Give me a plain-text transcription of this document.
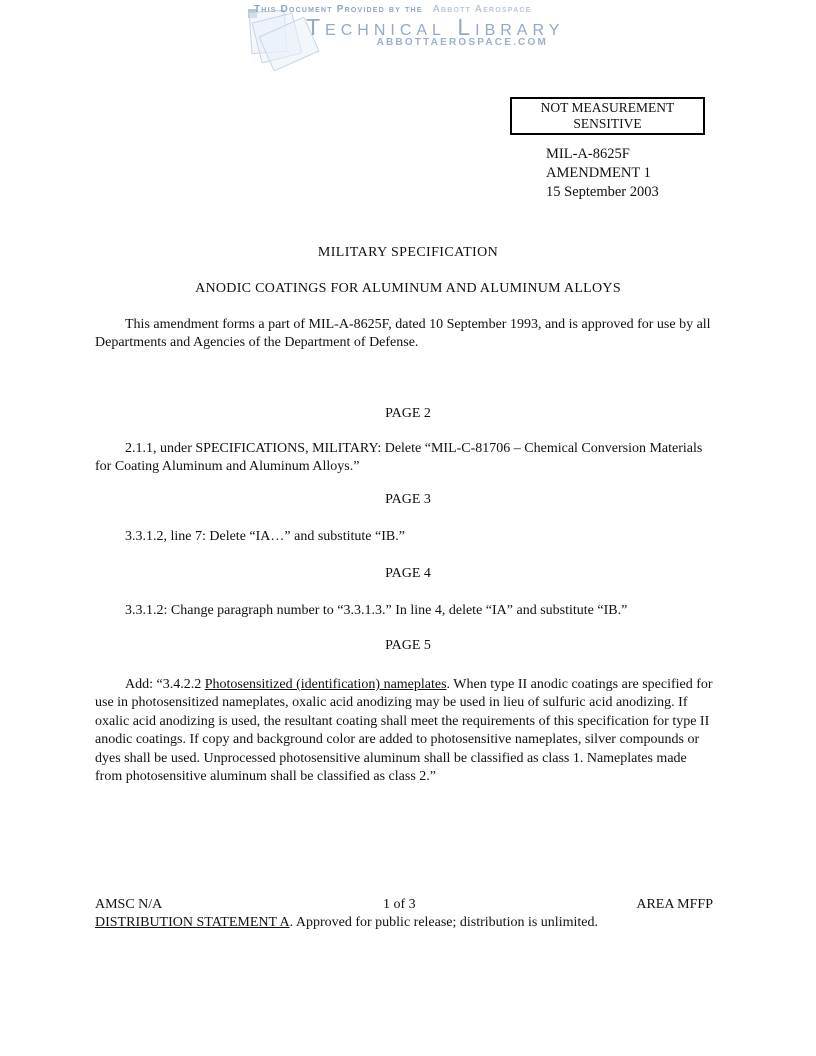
This Document Provided by the Abbott Aerospace
Technical Library
ABBOTTAEROSPACE.COM
NOT MEASUREMENT
SENSITIVE
MIL-A-8625F
AMENDMENT 1
15 September 2003
MILITARY SPECIFICATION
ANODIC COATINGS FOR ALUMINUM AND ALUMINUM ALLOYS

This amendment forms a part of MIL-A-8625F, dated 10 September 1993, and is approved for use by all Departments and Agencies of the Department of Defense.

PAGE 2

2.1.1, under SPECIFICATIONS, MILITARY: Delete “MIL-C-81706 – Chemical Conversion Materials for Coating Aluminum and Aluminum Alloys.”

PAGE 3

3.3.1.2, line 7: Delete “IA…” and substitute “IB.”

PAGE 4

3.3.1.2: Change paragraph number to “3.3.1.3.” In line 4, delete “IA” and substitute “IB.”

PAGE 5

Add: “3.4.2.2 Photosensitized (identification) nameplates. When type II anodic coatings are specified for use in photosensitized nameplates, oxalic acid anodizing may be used in lieu of sulfuric acid anodizing. If oxalic acid anodizing is used, the resultant coating shall meet the requirements of this specification for type II anodic coatings. If copy and background color are added to photosensitive nameplates, silver compounds or dyes shall be used. Unprocessed photosensitive aluminum shall be classified as class 1. Nameplates made from photosensitive aluminum shall be classified as class 2.”

AMSC N/A	1 of 3	AREA MFFP
DISTRIBUTION STATEMENT A. Approved for public release; distribution is unlimited.
